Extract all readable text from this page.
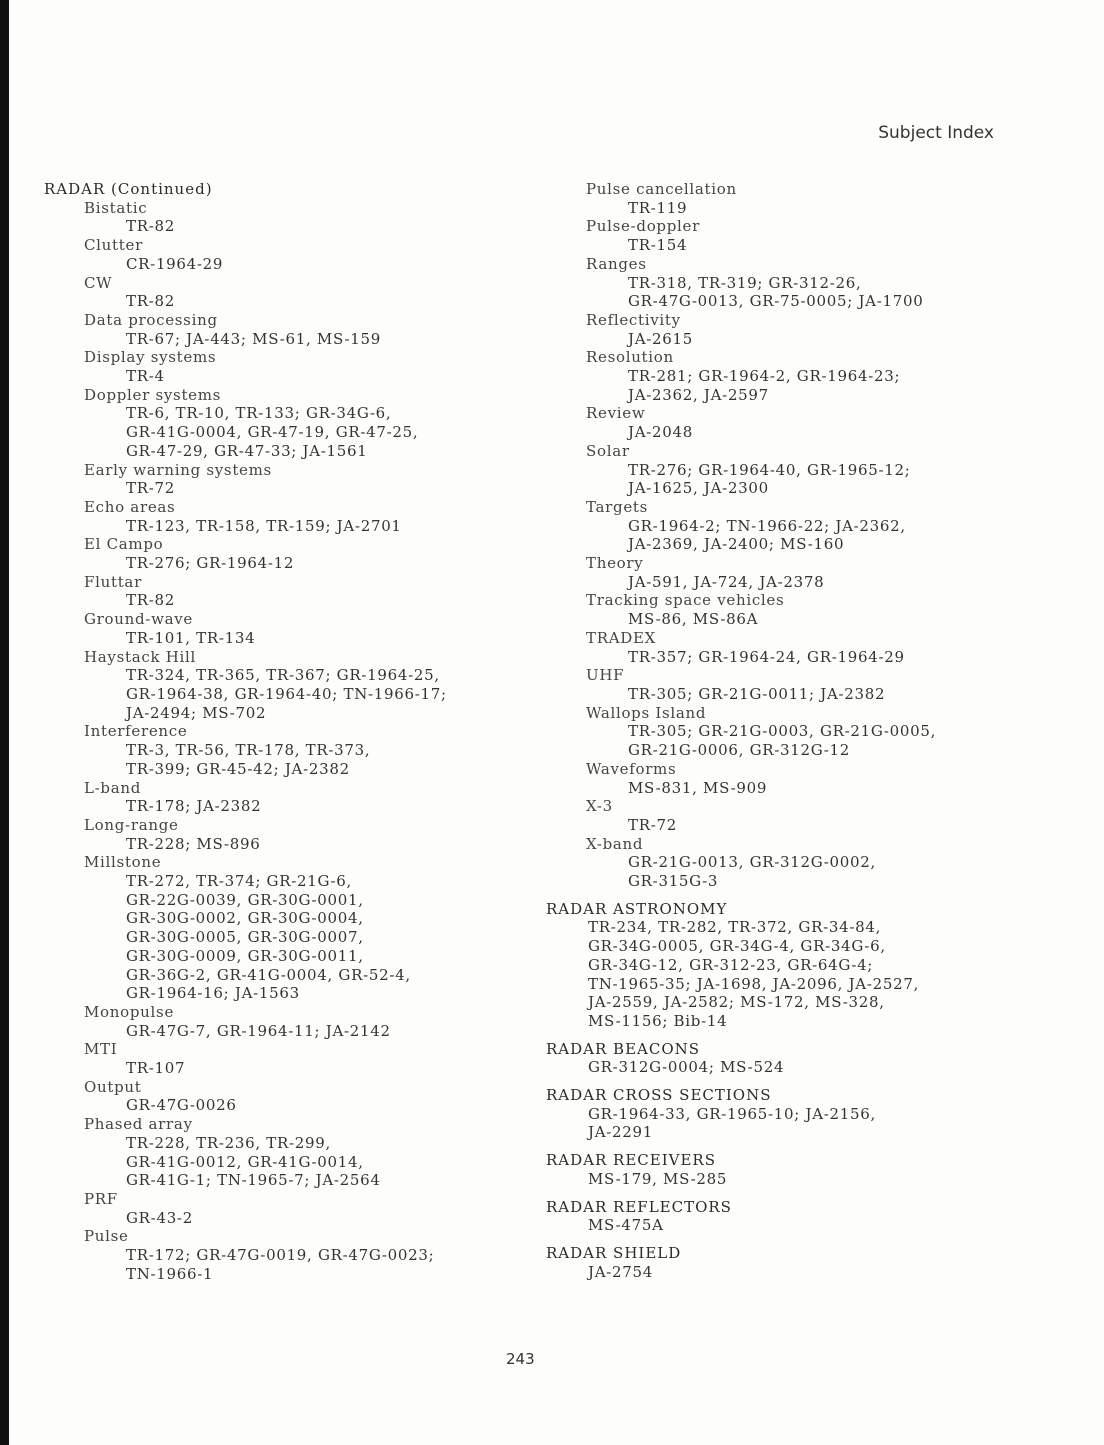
Subject Index
RADAR (Continued)
Bistatic
TR-82
Clutter
CR-1964-29
CW
TR-82
Data processing
TR-67; JA-443; MS-61, MS-159
Display systems
TR-4
Doppler systems
TR-6, TR-10, TR-133; GR-34G-6,
GR-41G-0004, GR-47-19, GR-47-25,
GR-47-29, GR-47-33; JA-1561
Early warning systems
TR-72
Echo areas
TR-123, TR-158, TR-159; JA-2701
El Campo
TR-276; GR-1964-12
Fluttar
TR-82
Ground-wave
TR-101, TR-134
Haystack Hill
TR-324, TR-365, TR-367; GR-1964-25,
GR-1964-38, GR-1964-40; TN-1966-17;
JA-2494; MS-702
Interference
TR-3, TR-56, TR-178, TR-373,
TR-399; GR-45-42; JA-2382
L-band
TR-178; JA-2382
Long-range
TR-228; MS-896
Millstone
TR-272, TR-374; GR-21G-6,
GR-22G-0039, GR-30G-0001,
GR-30G-0002, GR-30G-0004,
GR-30G-0005, GR-30G-0007,
GR-30G-0009, GR-30G-0011,
GR-36G-2, GR-41G-0004, GR-52-4,
GR-1964-16; JA-1563
Monopulse
GR-47G-7, GR-1964-11; JA-2142
MTI
TR-107
Output
GR-47G-0026
Phased array
TR-228, TR-236, TR-299,
GR-41G-0012, GR-41G-0014,
GR-41G-1; TN-1965-7; JA-2564
PRF
GR-43-2
Pulse
TR-172; GR-47G-0019, GR-47G-0023;
TN-1966-1
Pulse cancellation
TR-119
Pulse-doppler
TR-154
Ranges
TR-318, TR-319; GR-312-26,
GR-47G-0013, GR-75-0005; JA-1700
Reflectivity
JA-2615
Resolution
TR-281; GR-1964-2, GR-1964-23;
JA-2362, JA-2597
Review
JA-2048
Solar
TR-276; GR-1964-40, GR-1965-12;
JA-1625, JA-2300
Targets
GR-1964-2; TN-1966-22; JA-2362,
JA-2369, JA-2400; MS-160
Theory
JA-591, JA-724, JA-2378
Tracking space vehicles
MS-86, MS-86A
TRADEX
TR-357; GR-1964-24, GR-1964-29
UHF
TR-305; GR-21G-0011; JA-2382
Wallops Island
TR-305; GR-21G-0003, GR-21G-0005,
GR-21G-0006, GR-312G-12
Waveforms
MS-831, MS-909
X-3
TR-72
X-band
GR-21G-0013, GR-312G-0002,
GR-315G-3
RADAR ASTRONOMY
TR-234, TR-282, TR-372, GR-34-84,
GR-34G-0005, GR-34G-4, GR-34G-6,
GR-34G-12, GR-312-23, GR-64G-4;
TN-1965-35; JA-1698, JA-2096, JA-2527,
JA-2559, JA-2582; MS-172, MS-328,
MS-1156; Bib-14
RADAR BEACONS
GR-312G-0004; MS-524
RADAR CROSS SECTIONS
GR-1964-33, GR-1965-10; JA-2156,
JA-2291
RADAR RECEIVERS
MS-179, MS-285
RADAR REFLECTORS
MS-475A
RADAR SHIELD
JA-2754
243
